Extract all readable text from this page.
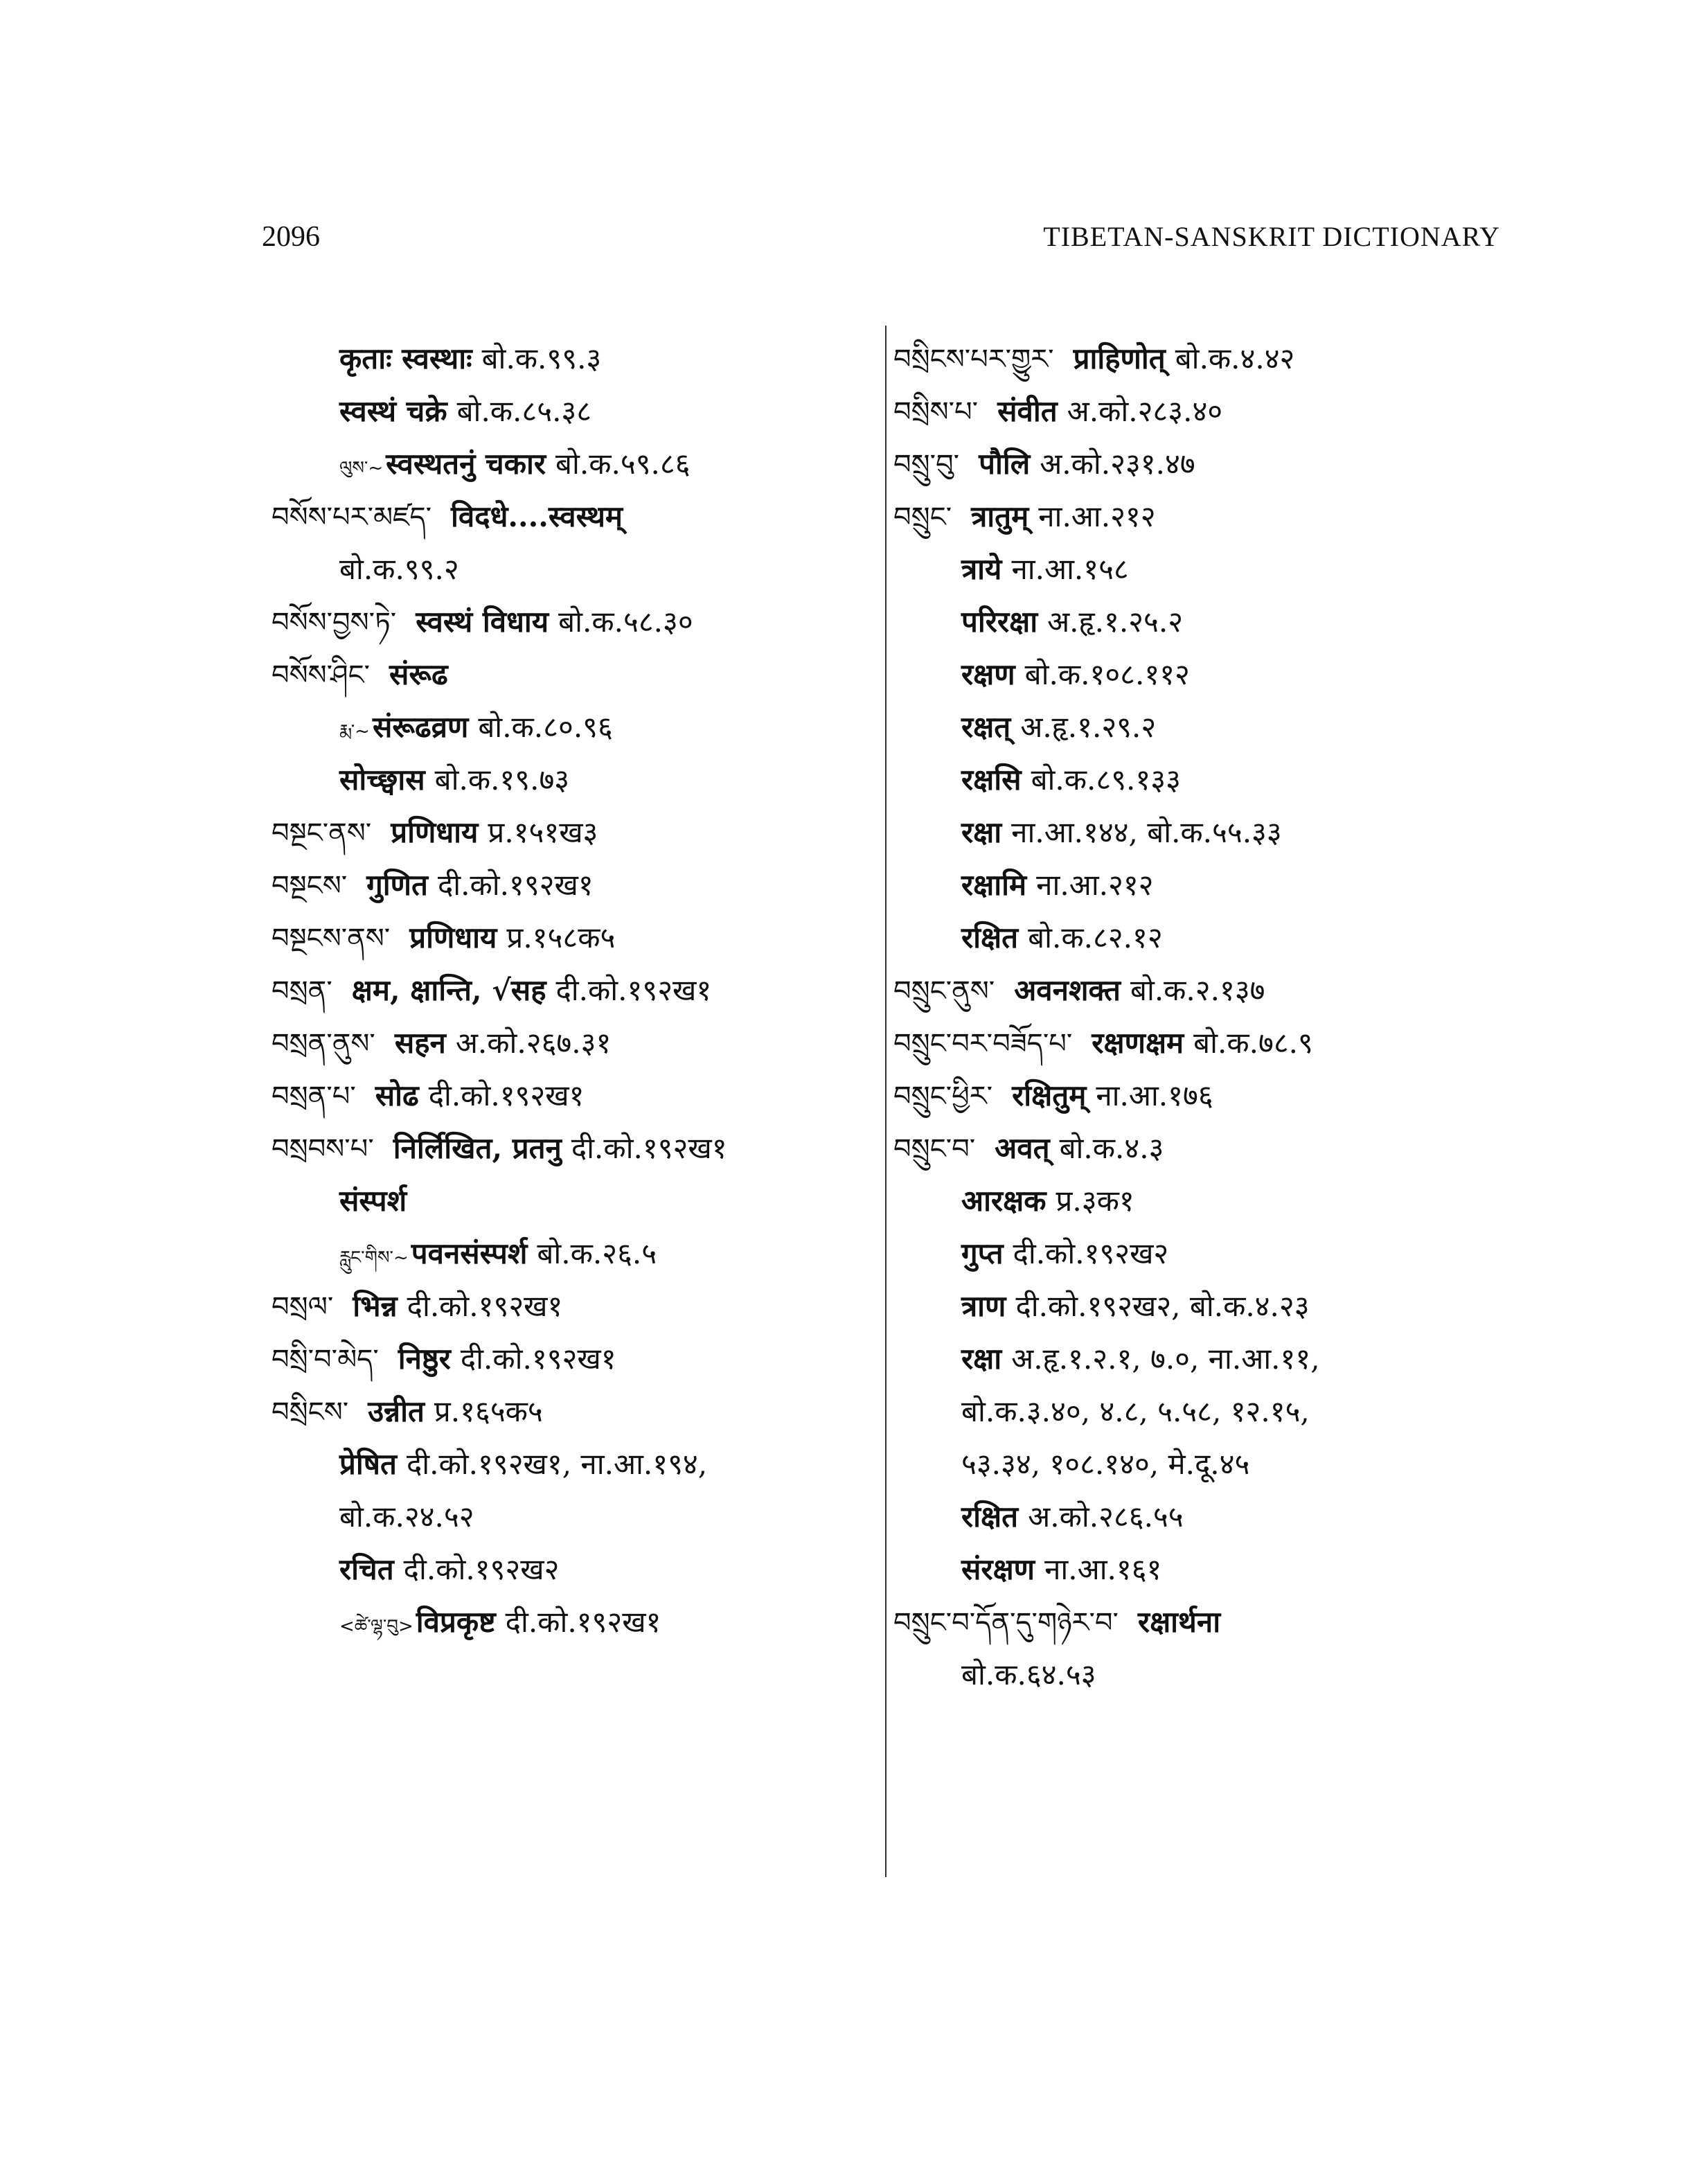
2096	TIBETAN-SANSKRIT DICTIONARY
कृताः स्वस्थाः बो.क.९९.३
स्वस्थं चक्रे बो.क.८५.३८
ལུས་~स्वस्थतनुं चकार बो.क.५९.८६
བསོས་པར་མཛད་ विदधे....स्वस्थम्
बो.क.९९.२
བསོས་བྱས་ཏེ་ स्वस्थं विधाय बो.क.५८.३०
བསོས་ཤིང་ संरूढ
རྨ་~संरूढव्रण बो.क.८०.९६
सोच्छ्वास बो.क.१९.७३
བསྔང་ནས་ प्रणिधाय प्र.१५१ख३
བསྔངས་ गुणित दी.को.१९२ख१
བསྔངས་ནས་ प्रणिधाय प्र.१५८क५
བསྲན་ क्षम, क्षान्ति, √सह दी.को.१९२ख१
བསྲན་ནུས་ सहन अ.को.२६७.३१
བསྲན་པ་ सोढ दी.को.१९२ख१
བསྲབས་པ་ निर्लिखित, प्रतनु दी.को.१९२ख१
संस्पर्श
རླུང་གིས་~पवनसंस्पर्श बो.क.२६.५
བསྲལ་ भिन्न दी.को.१९२ख१
བསྲི་བ་མེད་ निष्ठुर दी.को.१९२ख१
བསྲིངས་ उन्नीत प्र.१६५क५
प्रेषित दी.को.१९२ख१, ना.आ.१९४,
बो.क.२४.५२
रचित दी.को.१९२ख२
<ཚེ་ལྷ་བུ>विप्रकृष्ट दी.को.१९२ख१
བསྲིངས་པར་གྱུར་ प्राहिणोत् बो.क.४.४२
བསྲིས་པ་ संवीत अ.को.२८३.४०
བསྲུ་བུ་ पौलि अ.को.२३१.४७
བསྲུང་ त्रातुम् ना.आ.२१२
त्राये ना.आ.१५८
परिरक्षा अ.हृ.१.२५.२
रक्षण बो.क.१०८.११२
रक्षत् अ.हृ.१.२९.२
रक्षसि बो.क.८९.१३३
रक्षा ना.आ.१४४, बो.क.५५.३३
रक्षामि ना.आ.२१२
रक्षित बो.क.८२.१२
བསྲུང་ནུས་ अवनशक्त बो.क.२.१३७
བསྲུང་བར་བཟོད་པ་ रक्षणक्षम बो.क.७८.९
བསྲུང་ཕྱིར་ रक्षितुम् ना.आ.१७६
བསྲུང་བ་ अवत् बो.क.४.३
आरक्षक प्र.३क१
गुप्त दी.को.१९२ख२
त्राण दी.को.१९२ख२, बो.क.४.२३
रक्षा अ.हृ.१.२.१, ७.०, ना.आ.११,
बो.क.३.४०, ४.८, ५.५८, १२.१५,
५३.३४, १०८.१४०, मे.दू.४५
रक्षित अ.को.२८६.५५
संरक्षण ना.आ.१६१
བསྲུང་བ་དོན་དུ་གཉེར་བ་ रक्षार्थना
बो.क.६४.५३
